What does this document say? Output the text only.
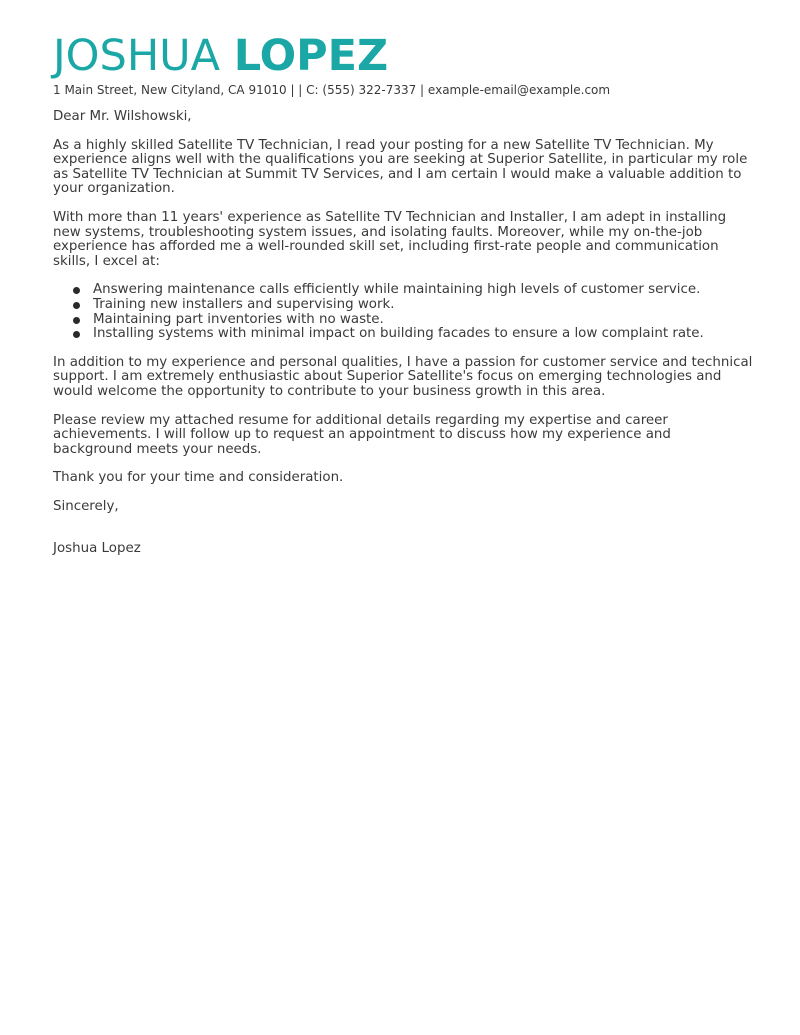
JOSHUA LOPEZ
1 Main Street, New Cityland, CA 91010 | | C: (555) 322-7337 | example-email@example.com
Dear Mr. Wilshowski,
As a highly skilled Satellite TV Technician, I read your posting for a new Satellite TV Technician. My experience aligns well with the qualifications you are seeking at Superior Satellite, in particular my role as Satellite TV Technician at Summit TV Services, and I am certain I would make a valuable addition to your organization.
With more than 11 years' experience as Satellite TV Technician and Installer, I am adept in installing new systems, troubleshooting system issues, and isolating faults. Moreover, while my on-the-job experience has afforded me a well-rounded skill set, including first-rate people and communication skills, I excel at:
Answering maintenance calls efficiently while maintaining high levels of customer service.
Training new installers and supervising work.
Maintaining part inventories with no waste.
Installing systems with minimal impact on building facades to ensure a low complaint rate.
In addition to my experience and personal qualities, I have a passion for customer service and technical support. I am extremely enthusiastic about Superior Satellite's focus on emerging technologies and would welcome the opportunity to contribute to your business growth in this area.
Please review my attached resume for additional details regarding my expertise and career achievements. I will follow up to request an appointment to discuss how my experience and background meets your needs.
Thank you for your time and consideration.
Sincerely,
Joshua Lopez
